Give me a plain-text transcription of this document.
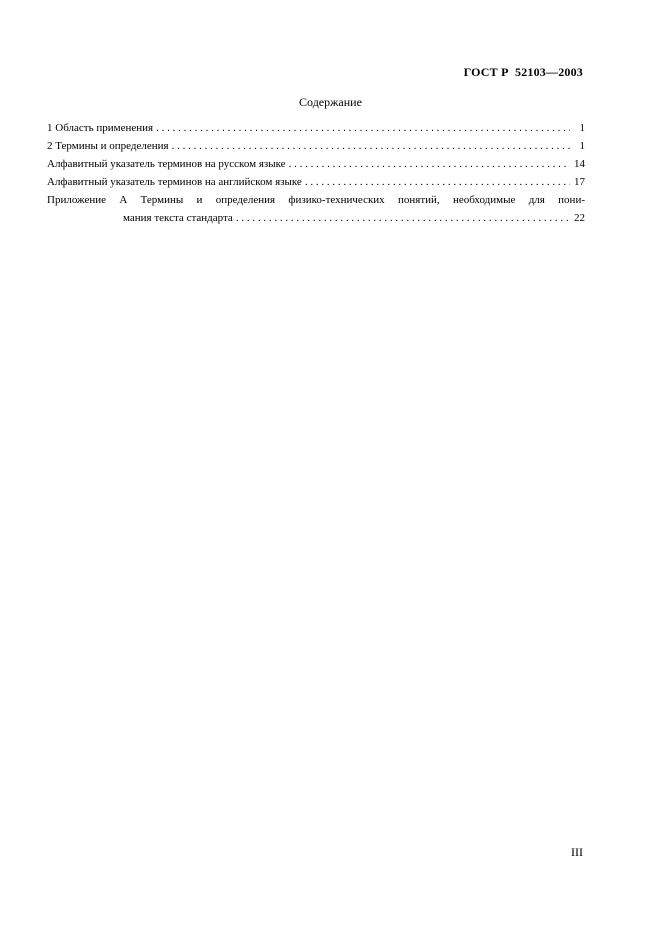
ГОСТ Р  52103—2003
Содержание
1 Область применения . . .	1
2 Термины и определения . . .	1
Алфавитный указатель терминов на русском языке . . .	14
Алфавитный указатель терминов на английском языке . . .	17
Приложение А Термины и определения физико-технических понятий, необходимые для пони-
мания текста стандарта . . .	22
III
